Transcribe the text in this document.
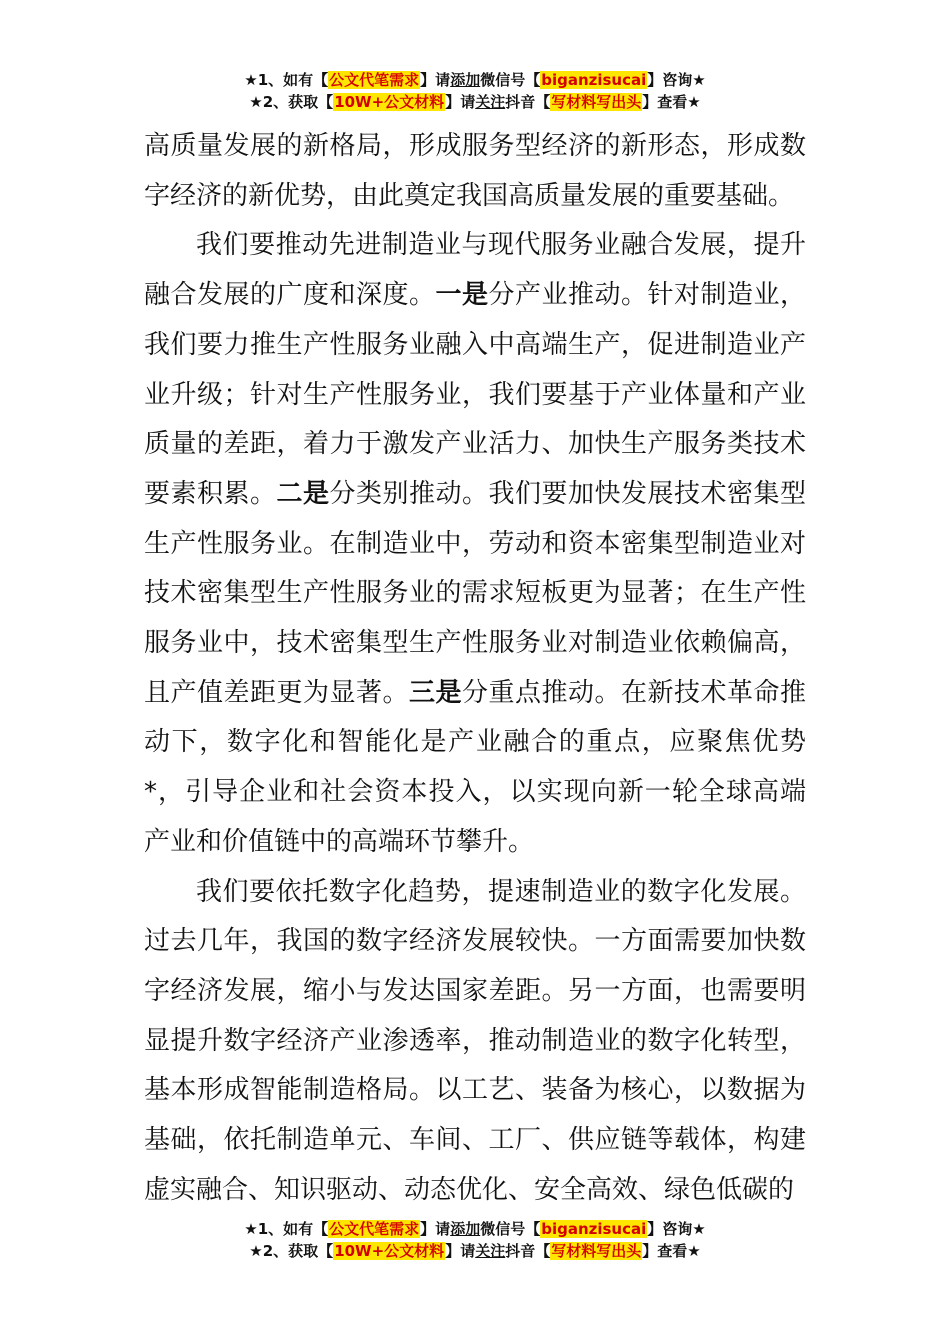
★1、如有【公文代笔需求】请添加微信号【biganzisucai】咨询★
★2、获取【10W+公文材料】请关注抖音【写材料写出头】查看★

高质量发展的新格局，形成服务型经济的新形态，形成数字经济的新优势，由此奠定我国高质量发展的重要基础。

我们要推动先进制造业与现代服务业融合发展，提升融合发展的广度和深度。一是分产业推动。针对制造业，我们要力推生产性服务业融入中高端生产，促进制造业产业升级；针对生产性服务业，我们要基于产业体量和产业质量的差距，着力于激发产业活力、加快生产服务类技术要素积累。二是分类别推动。我们要加快发展技术密集型生产性服务业。在制造业中，劳动和资本密集型制造业对技术密集型生产性服务业的需求短板更为显著；在生产性服务业中，技术密集型生产性服务业对制造业依赖偏高，且产值差距更为显著。三是分重点推动。在新技术革命推动下，数字化和智能化是产业融合的重点，应聚焦优势*，引导企业和社会资本投入，以实现向新一轮全球高端产业和价值链中的高端环节攀升。

我们要依托数字化趋势，提速制造业的数字化发展。过去几年，我国的数字经济发展较快。一方面需要加快数字经济发展，缩小与发达国家差距。另一方面，也需要明显提升数字经济产业渗透率，推动制造业的数字化转型，基本形成智能制造格局。以工艺、装备为核心，以数据为基础，依托制造单元、车间、工厂、供应链等载体，构建虚实融合、知识驱动、动态优化、安全高效、绿色低碳的

★1、如有【公文代笔需求】请添加微信号【biganzisucai】咨询★
★2、获取【10W+公文材料】请关注抖音【写材料写出头】查看★
